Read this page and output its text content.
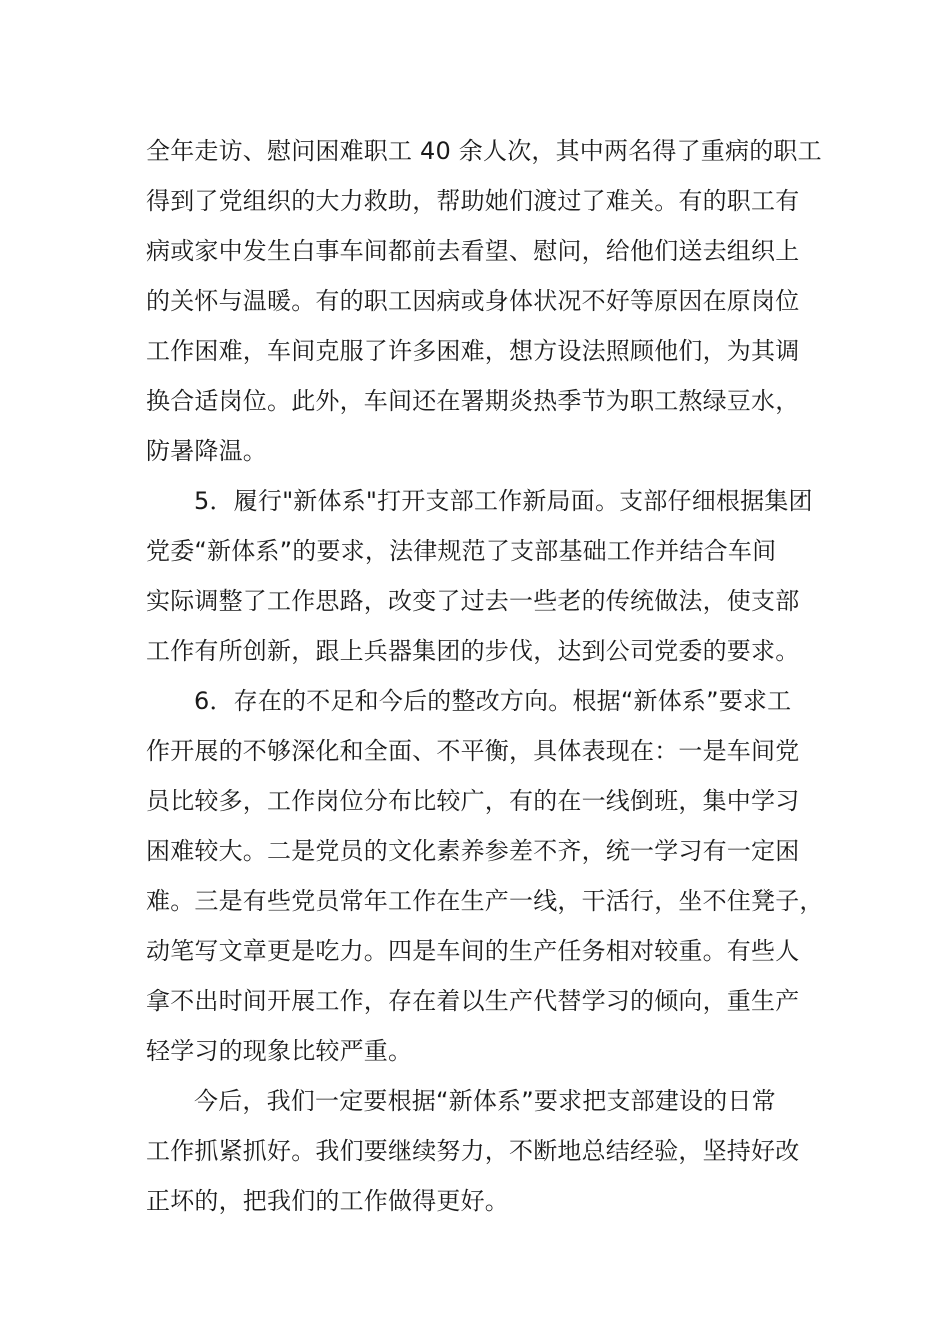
全年走访、慰问困难职工 40 余人次，其中两名得了重病的职工
得到了党组织的大力救助，帮助她们渡过了难关。有的职工有
病或家中发生白事车间都前去看望、慰问，给他们送去组织上
的关怀与温暖。有的职工因病或身体状况不好等原因在原岗位
工作困难，车间克服了许多困难，想方设法照顾他们，为其调
换合适岗位。此外，车间还在署期炎热季节为职工熬绿豆水，
防暑降温。
5．履行"新体系"打开支部工作新局面。支部仔细根据集团
党委“新体系”的要求，法律规范了支部基础工作并结合车间
实际调整了工作思路，改变了过去一些老的传统做法，使支部
工作有所创新，跟上兵器集团的步伐，达到公司党委的要求。
6．存在的不足和今后的整改方向。根据“新体系”要求工
作开展的不够深化和全面、不平衡，具体表现在：一是车间党
员比较多，工作岗位分布比较广，有的在一线倒班，集中学习
困难较大。二是党员的文化素养参差不齐，统一学习有一定困
难。三是有些党员常年工作在生产一线，干活行，坐不住凳子，
动笔写文章更是吃力。四是车间的生产任务相对较重。有些人
拿不出时间开展工作，存在着以生产代替学习的倾向，重生产
轻学习的现象比较严重。
今后，我们一定要根据“新体系”要求把支部建设的日常
工作抓紧抓好。我们要继续努力，不断地总结经验，坚持好改
正坏的，把我们的工作做得更好。
